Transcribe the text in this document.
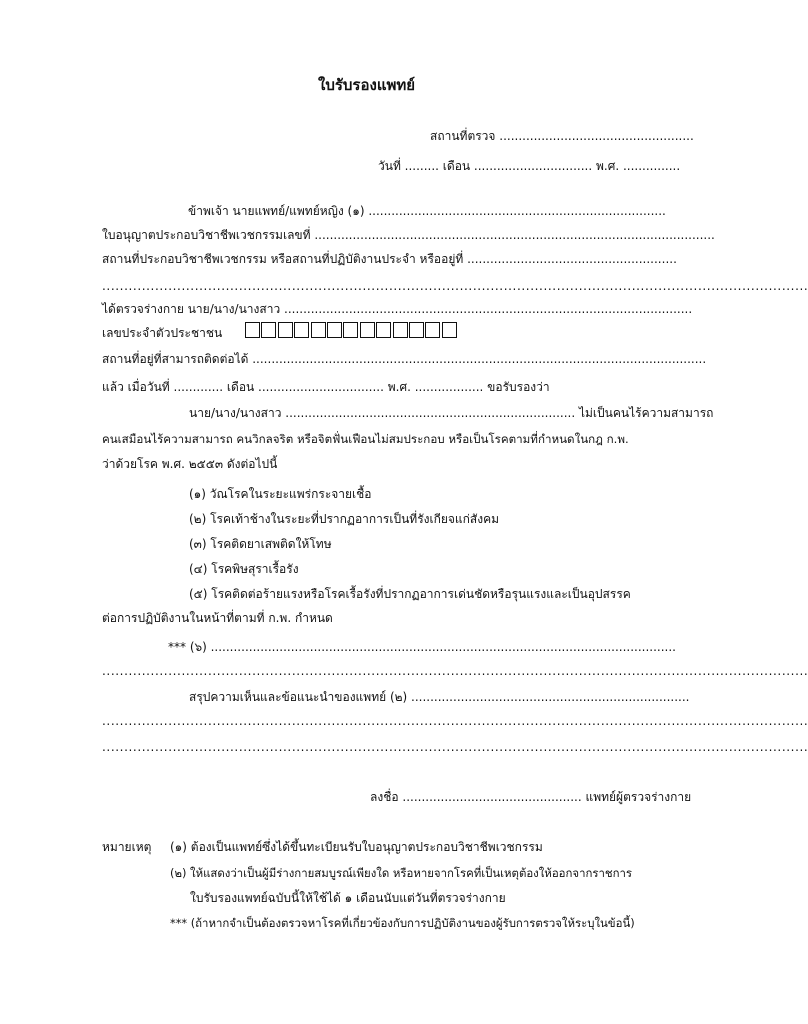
ใบรับรองแพทย์
สถานที่ตรวจ ...................................................
วันที่ ......... เดือน ............................... พ.ศ. ...............
ข้าพเจ้า นายแพทย์/แพทย์หญิง (๑) ..............................................................................
ใบอนุญาตประกอบวิชาชีพเวชกรรมเลขที่ .........................................................................................................
สถานที่ประกอบวิชาชีพเวชกรรม หรือสถานที่ปฏิบัติงานประจำ หรืออยู่ที่ .......................................................
................................................................................................................................................................
ได้ตรวจร่างกาย นาย/นาง/นางสาว ...........................................................................................................
เลขประจำตัวประชาชน
สถานที่อยู่ที่สามารถติดต่อได้ .......................................................................................................................
แล้ว เมื่อวันที่ ............. เดือน ................................. พ.ศ. .................. ขอรับรองว่า
นาย/นาง/นางสาว ............................................................................ ไม่เป็นคนไร้ความสามารถ
คนเสมือนไร้ความสามารถ คนวิกลจริต หรือจิตฟั่นเฟือนไม่สมประกอบ หรือเป็นโรคตามที่กำหนดในกฎ ก.พ.
ว่าด้วยโรค พ.ศ. ๒๕๕๓ ดังต่อไปนี้
(๑) วัณโรคในระยะแพร่กระจายเชื้อ
(๒) โรคเท้าช้างในระยะที่ปรากฏอาการเป็นที่รังเกียจแก่สังคม
(๓) โรคติดยาเสพติดให้โทษ
(๔) โรคพิษสุราเรื้อรัง
(๕) โรคติดต่อร้ายแรงหรือโรคเรื้อรังที่ปรากฏอาการเด่นชัดหรือรุนแรงและเป็นอุปสรรค
ต่อการปฏิบัติงานในหน้าที่ตามที่ ก.พ. กำหนด
*** (๖) ..........................................................................................................................
................................................................................................................................................................
สรุปความเห็นและข้อแนะนำของแพทย์ (๒) .........................................................................
................................................................................................................................................................
................................................................................................................................................................
ลงชื่อ ............................................... แพทย์ผู้ตรวจร่างกาย
หมายเหตุ (๑) ต้องเป็นแพทย์ซึ่งได้ขึ้นทะเบียนรับใบอนุญาตประกอบวิชาชีพเวชกรรม
(๒) ให้แสดงว่าเป็นผู้มีร่างกายสมบูรณ์เพียงใด หรือหายจากโรคที่เป็นเหตุต้องให้ออกจากราชการ
ใบรับรองแพทย์ฉบับนี้ให้ใช้ได้ ๑ เดือนนับแต่วันที่ตรวจร่างกาย
*** (ถ้าหากจำเป็นต้องตรวจหาโรคที่เกี่ยวข้องกับการปฏิบัติงานของผู้รับการตรวจให้ระบุในข้อนี้)
